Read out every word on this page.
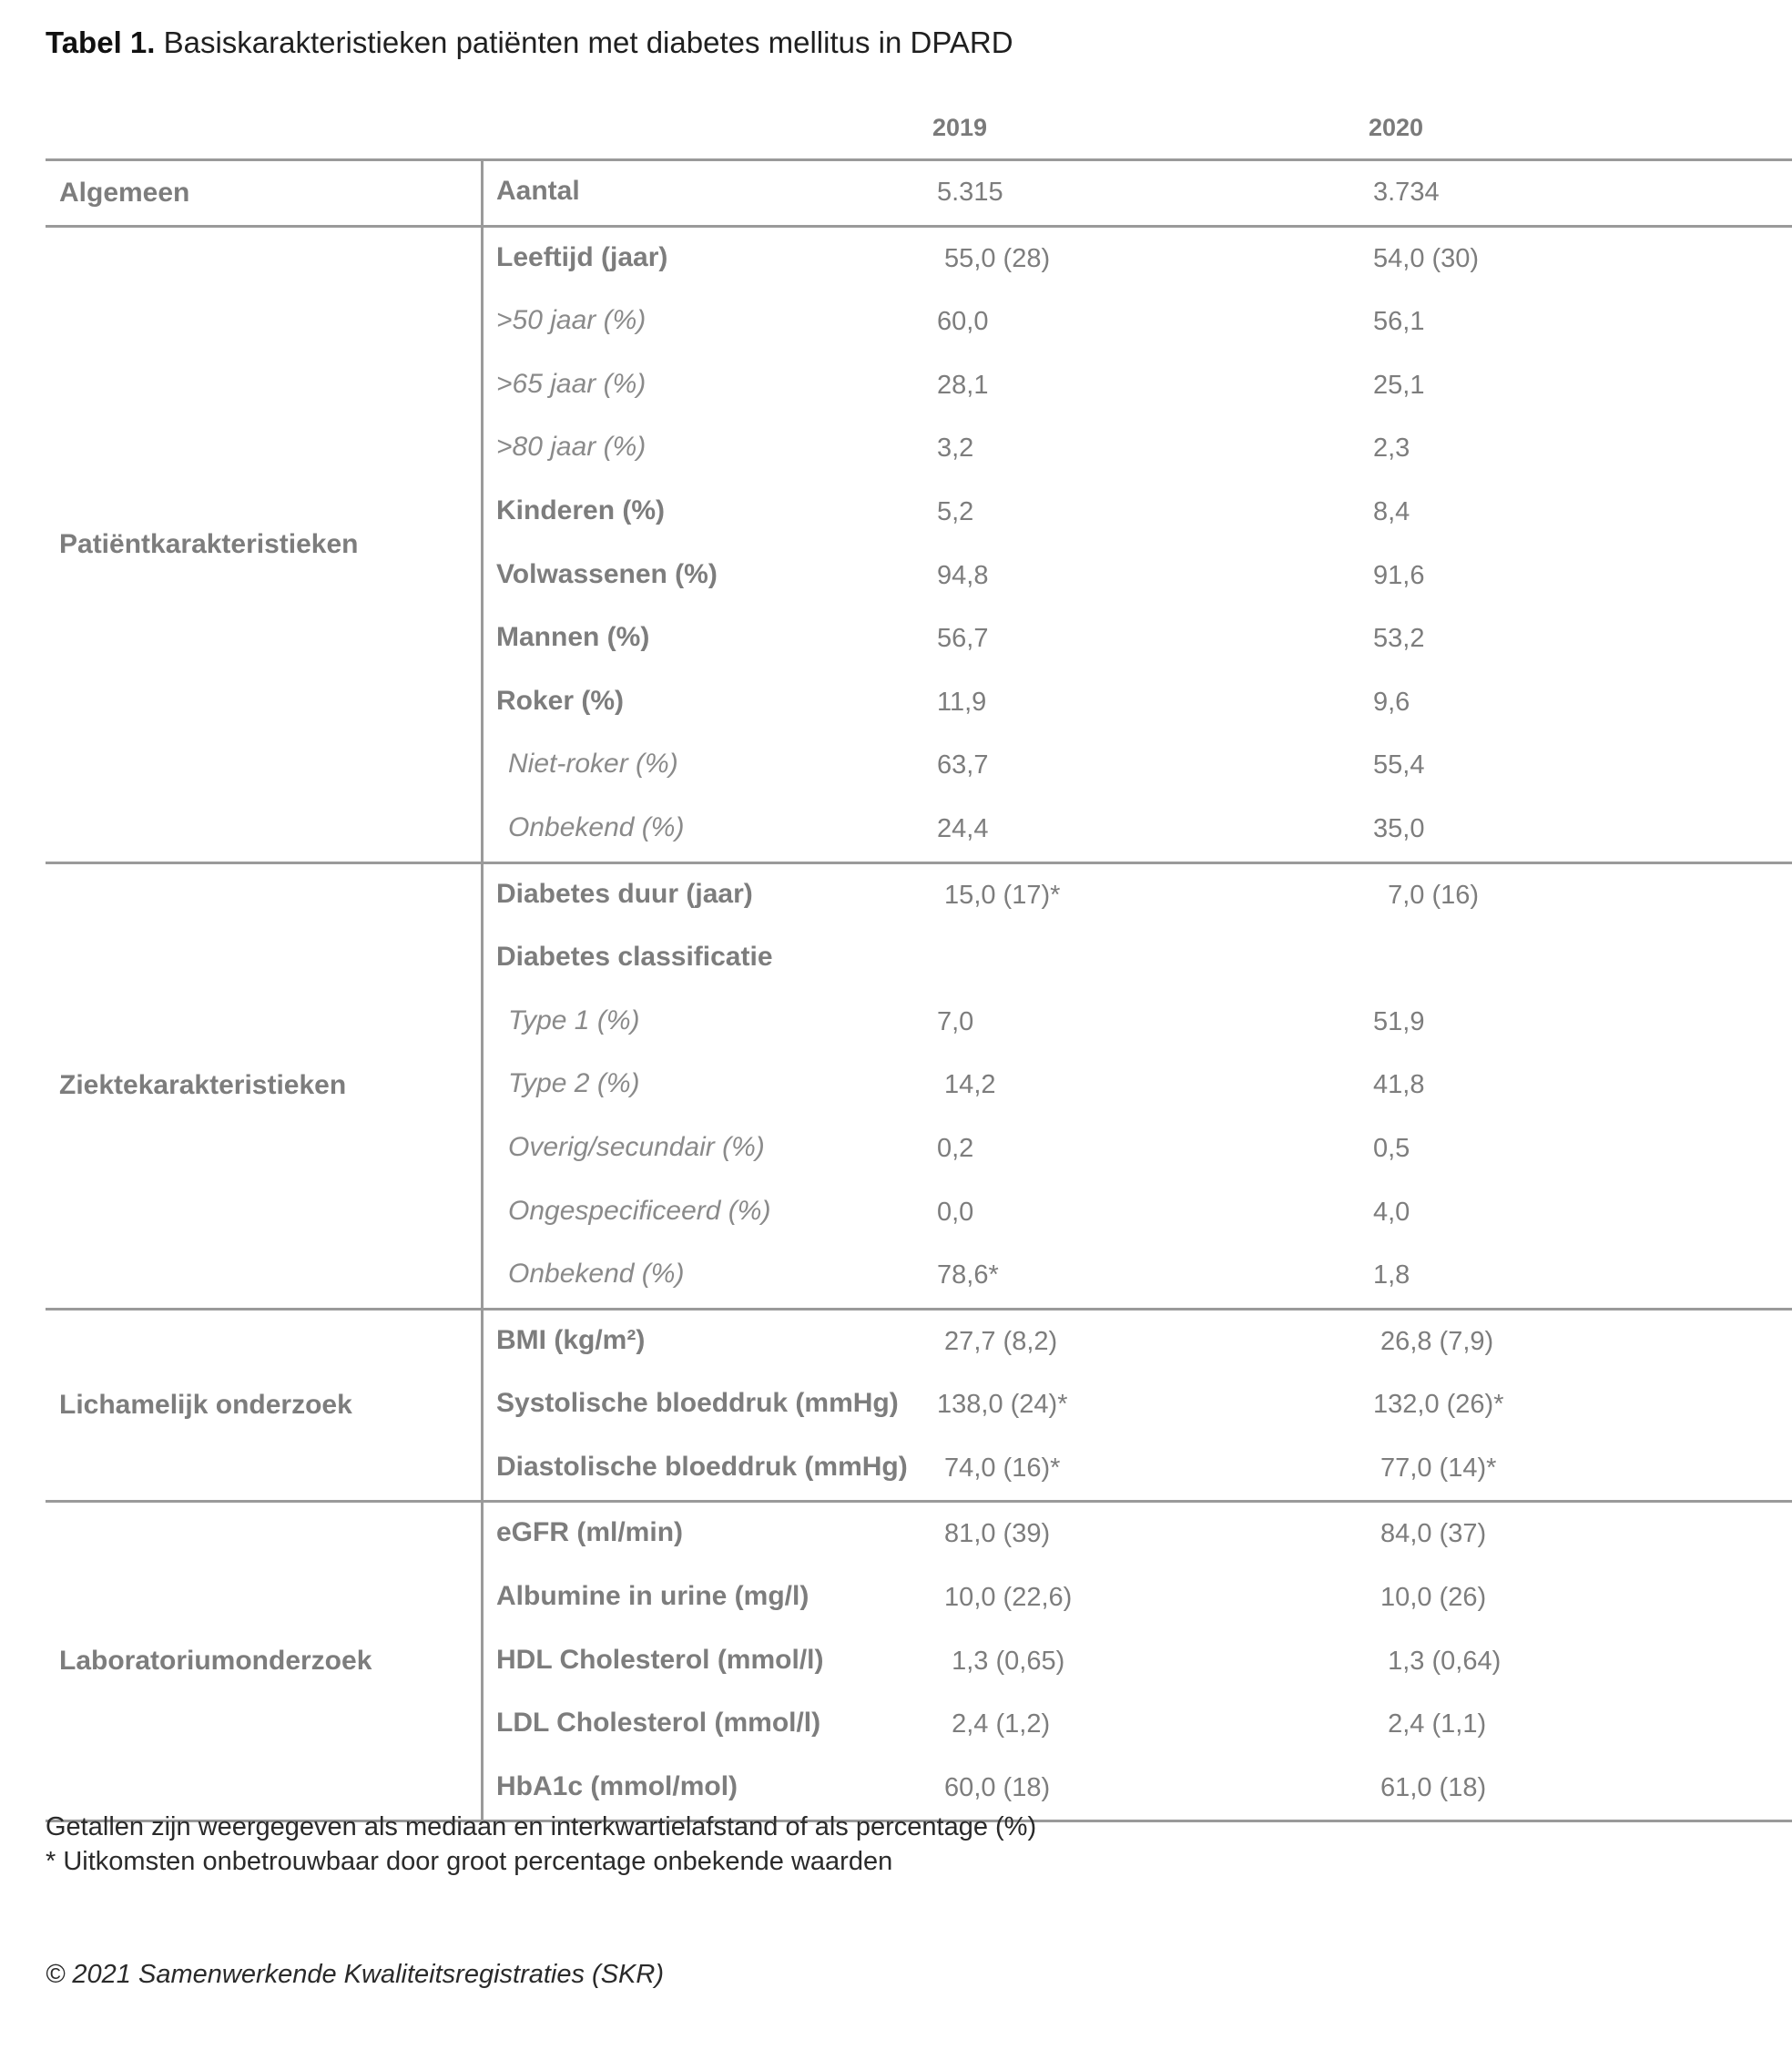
Tabel 1. Basiskarakteristieken patiënten met diabetes mellitus in DPARD
2019	2020
Algemeen	Aantal	5.315	3.734
Patiëntkarakteristieken
Leeftijd (jaar)	55,0 (28)	54,0 (30)
>50 jaar (%)	60,0	56,1
>65 jaar (%)	28,1	25,1
>80 jaar (%)	3,2	2,3
Kinderen (%)	5,2	8,4
Volwassenen (%)	94,8	91,6
Mannen (%)	56,7	53,2
Roker (%)	11,9	9,6
Niet-roker (%)	63,7	55,4
Onbekend (%)	24,4	35,0
Ziektekarakteristieken
Diabetes duur (jaar)	15,0 (17)*	7,0 (16)
Diabetes classificatie
Type 1 (%)	7,0	51,9
Type 2 (%)	14,2	41,8
Overig/secundair (%)	0,2	0,5
Ongespecificeerd (%)	0,0	4,0
Onbekend (%)	78,6*	1,8
Lichamelijk onderzoek
BMI (kg/m²)	27,7 (8,2)	26,8 (7,9)
Systolische bloeddruk (mmHg) 138,0 (24)*	132,0 (26)*
Diastolische bloeddruk (mmHg) 74,0 (16)*	77,0 (14)*
Laboratoriumonderzoek
eGFR (ml/min)	81,0 (39)	84,0 (37)
Albumine in urine (mg/l)	10,0 (22,6)	10,0 (26)
HDL Cholesterol (mmol/l)	1,3 (0,65)	1,3 (0,64)
LDL Cholesterol (mmol/l)	2,4 (1,2)	2,4 (1,1)
HbA1c (mmol/mol)	60,0 (18)	61,0 (18)
Getallen zijn weergegeven als mediaan en interkwartielafstand of als percentage (%)
* Uitkomsten onbetrouwbaar door groot percentage onbekende waarden
© 2021 Samenwerkende Kwaliteitsregistraties (SKR)
